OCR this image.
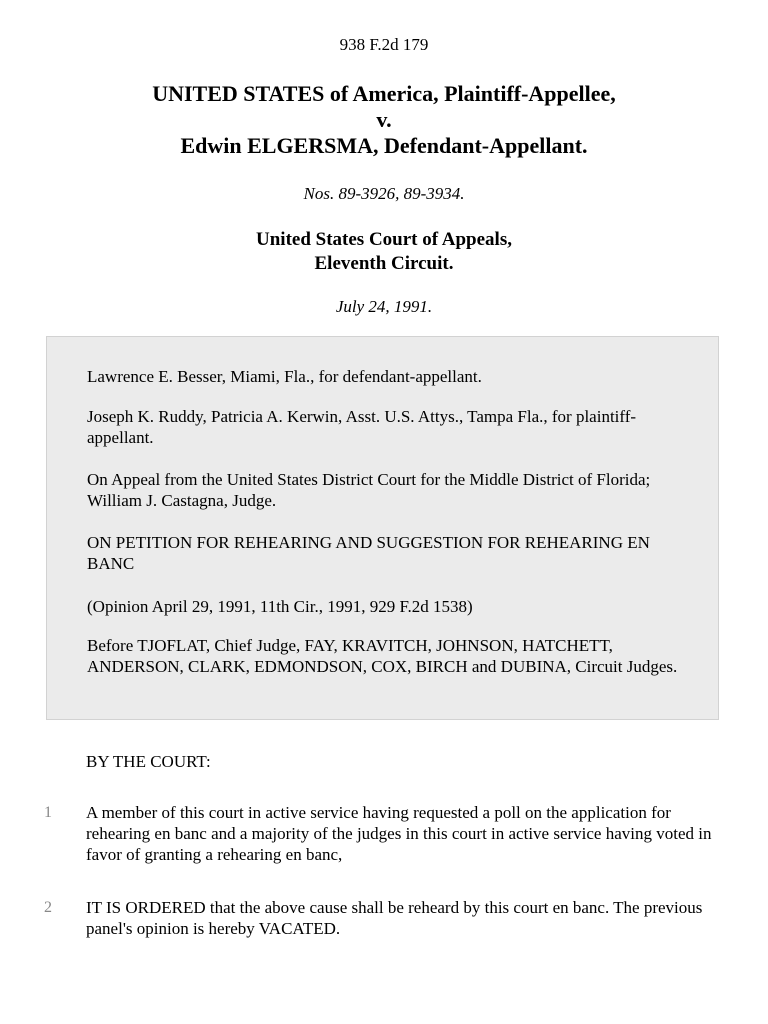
938 F.2d 179
UNITED STATES of America, Plaintiff-Appellee,
v.
Edwin ELGERSMA, Defendant-Appellant.
Nos. 89-3926, 89-3934.
United States Court of Appeals,
Eleventh Circuit.
July 24, 1991.

Lawrence E. Besser, Miami, Fla., for defendant-appellant.

Joseph K. Ruddy, Patricia A. Kerwin, Asst. U.S. Attys., Tampa Fla., for plaintiff-appellant.

On Appeal from the United States District Court for the Middle District of Florida; William J. Castagna, Judge.

ON PETITION FOR REHEARING AND SUGGESTION FOR REHEARING EN BANC

(Opinion April 29, 1991, 11th Cir., 1991, 929 F.2d 1538)

Before TJOFLAT, Chief Judge, FAY, KRAVITCH, JOHNSON, HATCHETT, ANDERSON, CLARK, EDMONDSON, COX, BIRCH and DUBINA, Circuit Judges.

BY THE COURT:
1	A member of this court in active service having requested a poll on the application for rehearing en banc and a majority of the judges in this court in active service having voted in favor of granting a rehearing en banc,
2	IT IS ORDERED that the above cause shall be reheard by this court en banc. The previous panel's opinion is hereby VACATED.
